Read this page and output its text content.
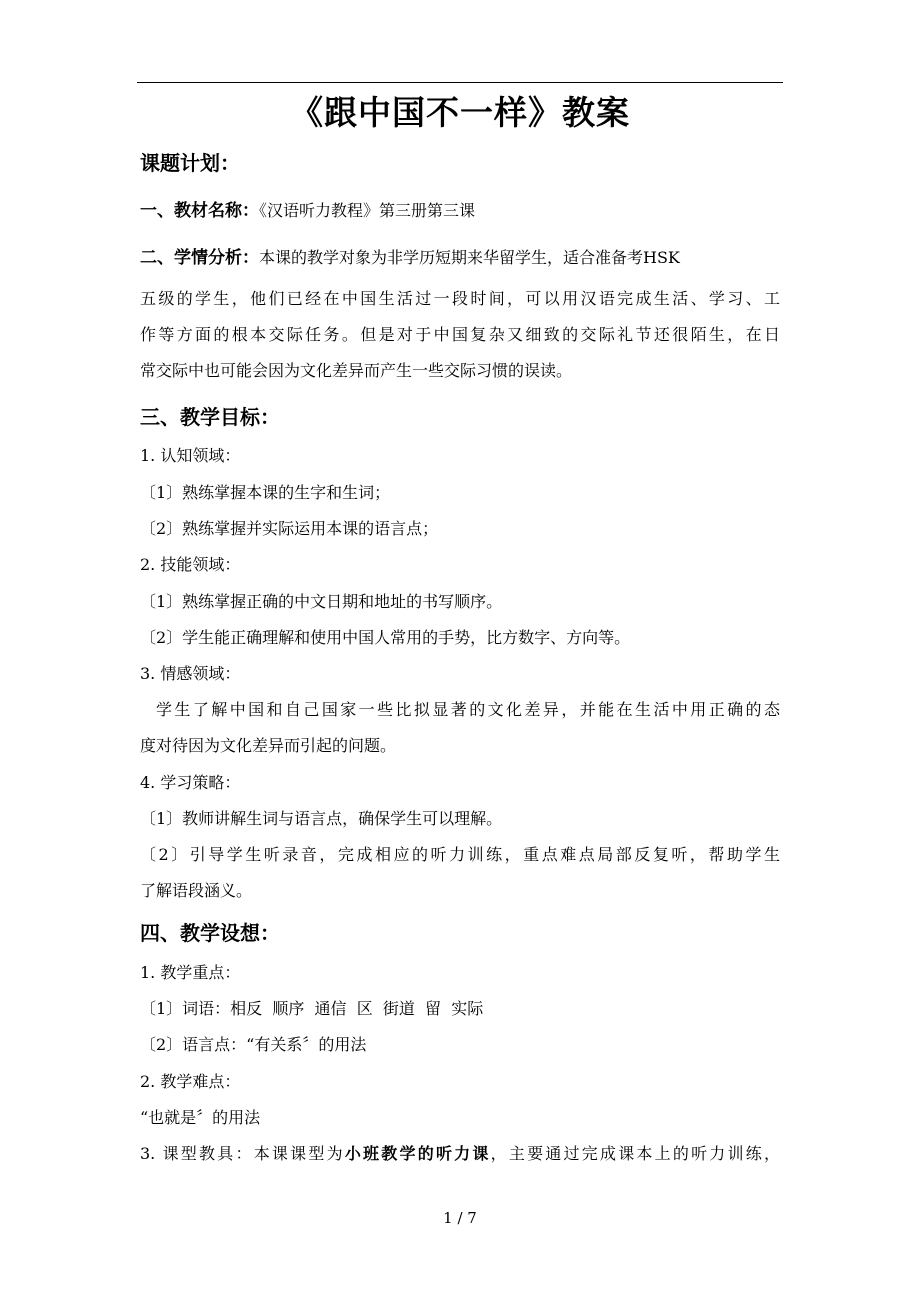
《跟中国不一样》教案
课题计划：
一、教材名称：《汉语听力教程》第三册第三课
二、学情分析：本课的教学对象为非学历短期来华留学生，适合准备考HSK
五级的学生，他们已经在中国生活过一段时间，可以用汉语完成生活、学习、工
作等方面的根本交际任务。但是对于中国复杂又细致的交际礼节还很陌生，在日
常交际中也可能会因为文化差异而产生一些交际习惯的误读。
三、教学目标：
1. 认知领域：
〔1〕熟练掌握本课的生字和生词；
〔2〕熟练掌握并实际运用本课的语言点；
2. 技能领域：
〔1〕熟练掌握正确的中文日期和地址的书写顺序。
〔2〕学生能正确理解和使用中国人常用的手势，比方数字、方向等。
3. 情感领域：
学生了解中国和自己国家一些比拟显著的文化差异，并能在生活中用正确的态
度对待因为文化差异而引起的问题。
4. 学习策略：
〔1〕教师讲解生词与语言点，确保学生可以理解。
〔2〕引导学生听录音，完成相应的听力训练，重点难点局部反复听，帮助学生
了解语段涵义。
四、教学设想：
1. 教学重点：
〔1〕词语：相反  顺序  通信  区  街道  留  实际
〔2〕语言点：“有关系〞的用法
2. 教学难点：
“也就是〞的用法
3. 课型教具：本课课型为小班教学的听力课，主要通过完成课本上的听力训练，
1 / 7
